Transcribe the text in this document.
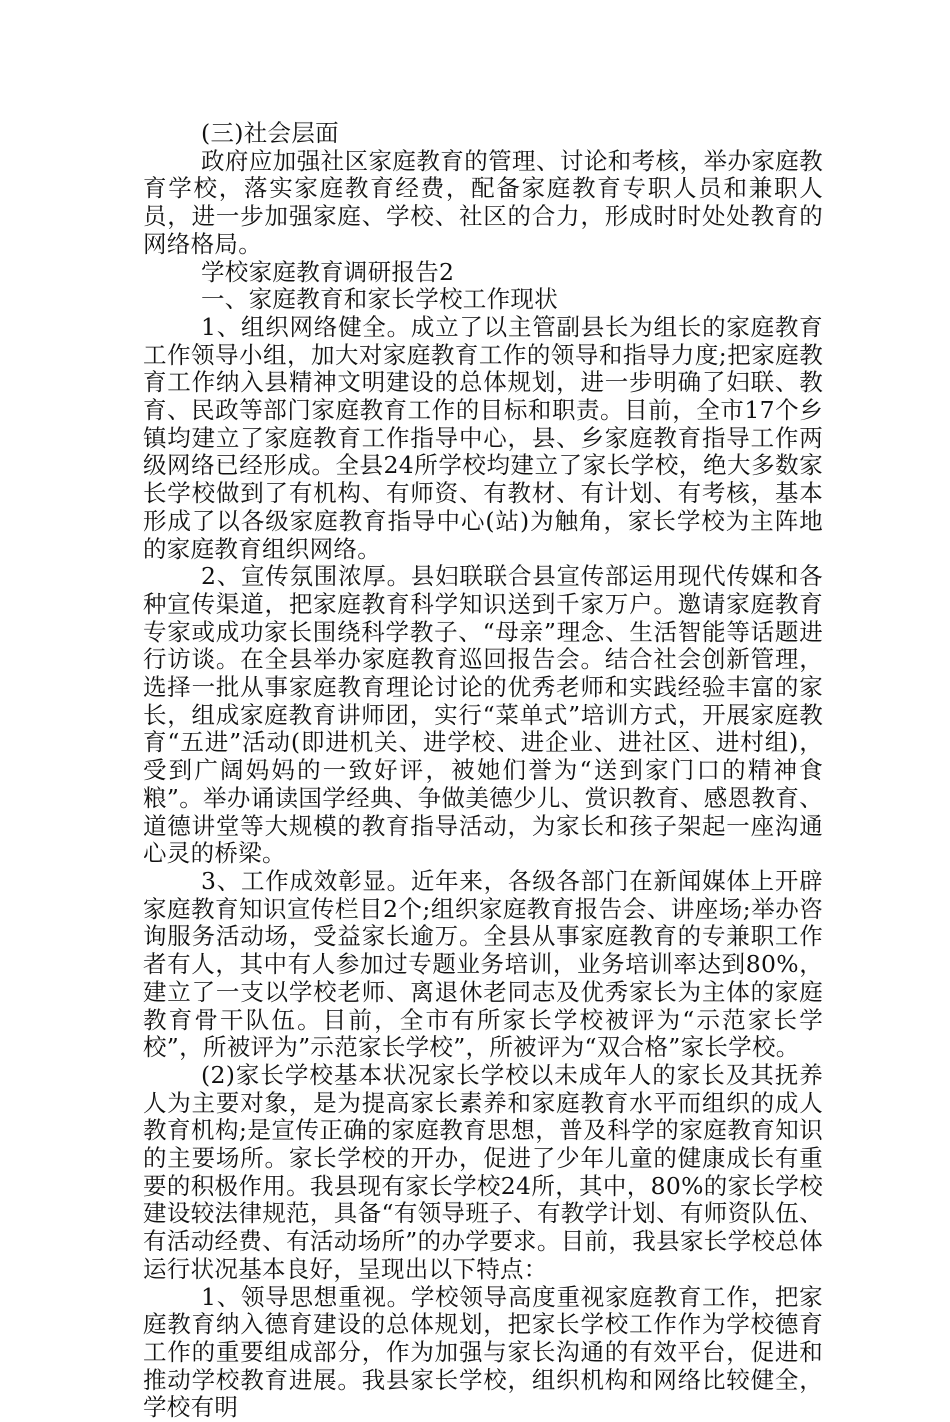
(三)社会层面

政府应加强社区家庭教育的管理、讨论和考核，举办家庭教育学校，落实家庭教育经费，配备家庭教育专职人员和兼职人员，进一步加强家庭、学校、社区的合力，形成时时处处教育的网络格局。

学校家庭教育调研报告2

一、家庭教育和家长学校工作现状

1、组织网络健全。成立了以主管副县长为组长的家庭教育工作领导小组，加大对家庭教育工作的领导和指导力度;把家庭教育工作纳入县精神文明建设的总体规划，进一步明确了妇联、教育、民政等部门家庭教育工作的目标和职责。目前，全市17个乡镇均建立了家庭教育工作指导中心，县、乡家庭教育指导工作两级网络已经形成。全县24所学校均建立了家长学校，绝大多数家长学校做到了有机构、有师资、有教材、有计划、有考核，基本形成了以各级家庭教育指导中心(站)为触角，家长学校为主阵地的家庭教育组织网络。

2、宣传氛围浓厚。县妇联联合县宣传部运用现代传媒和各种宣传渠道，把家庭教育科学知识送到千家万户。邀请家庭教育专家或成功家长围绕科学教子、“母亲”理念、生活智能等话题进行访谈。在全县举办家庭教育巡回报告会。结合社会创新管理，选择一批从事家庭教育理论讨论的优秀老师和实践经验丰富的家长，组成家庭教育讲师团，实行“菜单式”培训方式，开展家庭教育“五进”活动(即进机关、进学校、进企业、进社区、进村组)，受到广阔妈妈的一致好评，被她们誉为“送到家门口的精神食粮”。举办诵读国学经典、争做美德少儿、赏识教育、感恩教育、道德讲堂等大规模的教育指导活动，为家长和孩子架起一座沟通心灵的桥梁。

3、工作成效彰显。近年来，各级各部门在新闻媒体上开辟家庭教育知识宣传栏目2个;组织家庭教育报告会、讲座场;举办咨询服务活动场，受益家长逾万。全县从事家庭教育的专兼职工作者有人，其中有人参加过专题业务培训，业务培训率达到80%，建立了一支以学校老师、离退休老同志及优秀家长为主体的家庭教育骨干队伍。目前，全市有所家长学校被评为“示范家长学校”，所被评为”示范家长学校”，所被评为“双合格”家长学校。

(2)家长学校基本状况家长学校以未成年人的家长及其抚养人为主要对象，是为提高家长素养和家庭教育水平而组织的成人教育机构;是宣传正确的家庭教育思想，普及科学的家庭教育知识的主要场所。家长学校的开办，促进了少年儿童的健康成长有重要的积极作用。我县现有家长学校24所，其中，80%的家长学校建设较法律规范，具备“有领导班子、有教学计划、有师资队伍、有活动经费、有活动场所”的办学要求。目前，我县家长学校总体运行状况基本良好，呈现出以下特点：

1、领导思想重视。学校领导高度重视家庭教育工作，把家庭教育纳入德育建设的总体规划，把家长学校工作作为学校德育工作的重要组成部分，作为加强与家长沟通的有效平台，促进和推动学校教育进展。我县家长学校，组织机构和网络比较健全，学校有明
